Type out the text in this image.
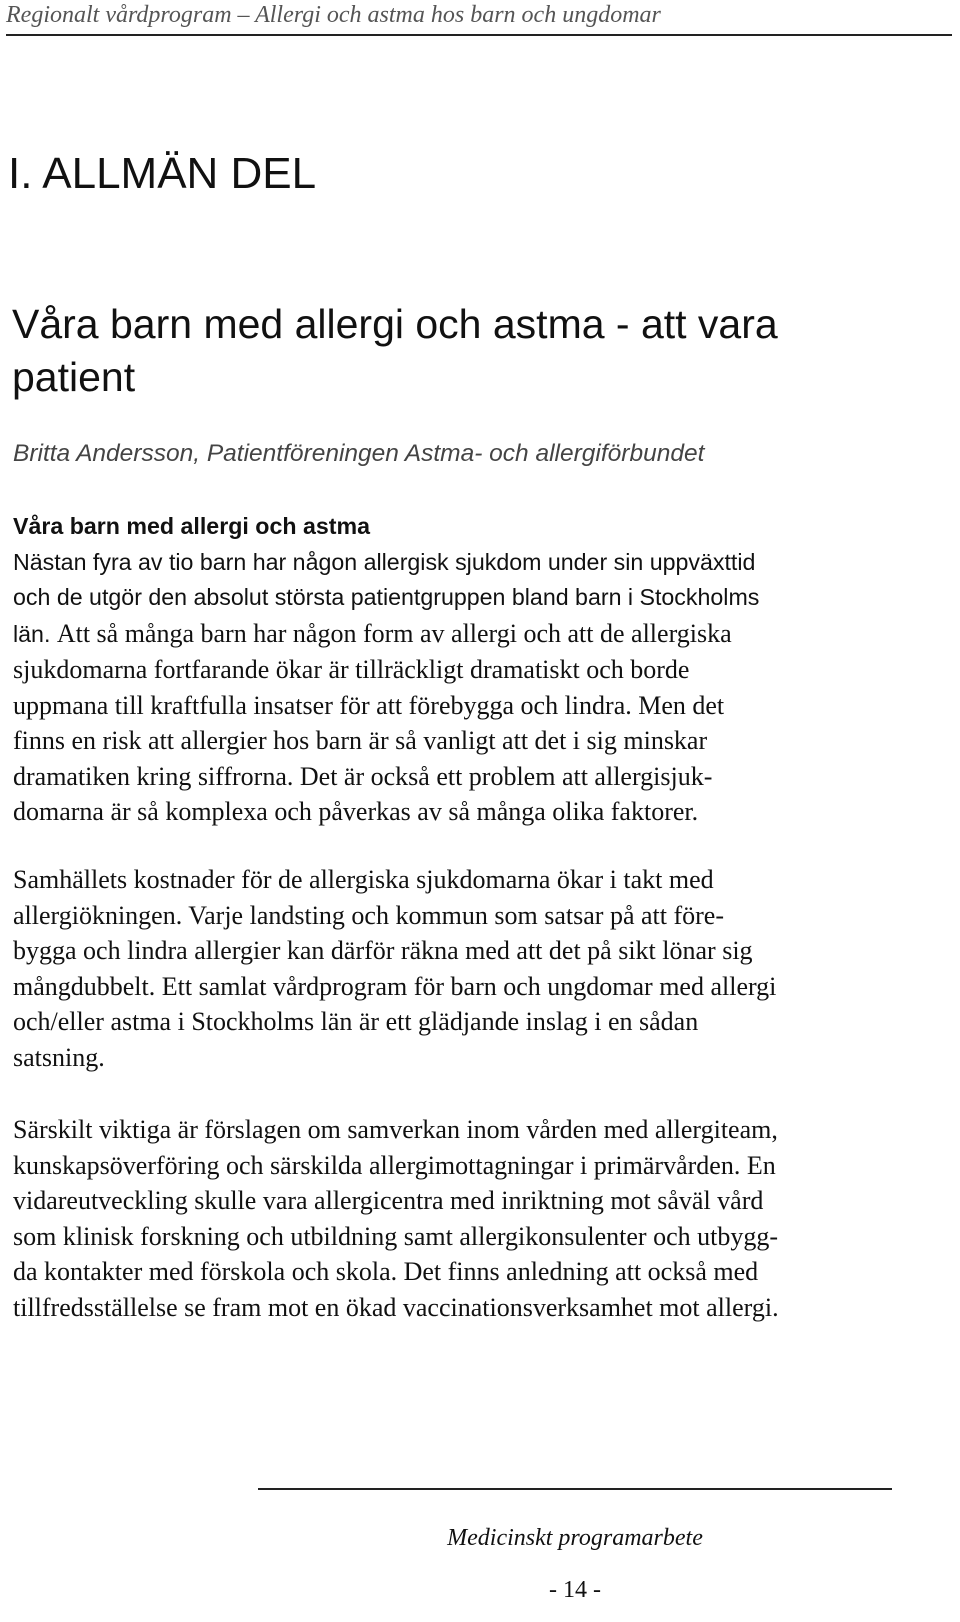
Regionalt vårdprogram – Allergi och astma hos barn och ungdomar
I. ALLMÄN DEL
Våra barn med allergi och astma - att vara
patient
Britta Andersson, Patientföreningen Astma- och allergiförbundet
Våra barn med allergi och astma
Nästan fyra av tio barn har någon allergisk sjukdom under sin uppväxttid
och de utgör den absolut största patientgruppen bland barn i Stockholms
län. Att så många barn har någon form av allergi och att de allergiska
sjukdomarna fortfarande ökar är tillräckligt dramatiskt och borde
uppmana till kraftfulla insatser för att förebygga och lindra. Men det
finns en risk att allergier hos barn är så vanligt att det i sig minskar
dramatiken kring siffrorna. Det är också ett problem att allergisjuk-
domarna är så komplexa och påverkas av så många olika faktorer.
Samhällets kostnader för de allergiska sjukdomarna ökar i takt med
allergiökningen. Varje landsting och kommun som satsar på att före-
bygga och lindra allergier kan därför räkna med att det på sikt lönar sig
mångdubbelt. Ett samlat vårdprogram för barn och ungdomar med allergi
och/eller astma i Stockholms län är ett glädjande inslag i en sådan
satsning.
Särskilt viktiga är förslagen om samverkan inom vården med allergiteam,
kunskapsöverföring och särskilda allergimottagningar i primärvården. En
vidareutveckling skulle vara allergicentra med inriktning mot såväl vård
som klinisk forskning och utbildning samt allergikonsulenter och utbygg-
da kontakter med förskola och skola. Det finns anledning att också med
tillfredsställelse se fram mot en ökad vaccinationsverksamhet mot allergi.
Medicinskt programarbete
- 14 -
